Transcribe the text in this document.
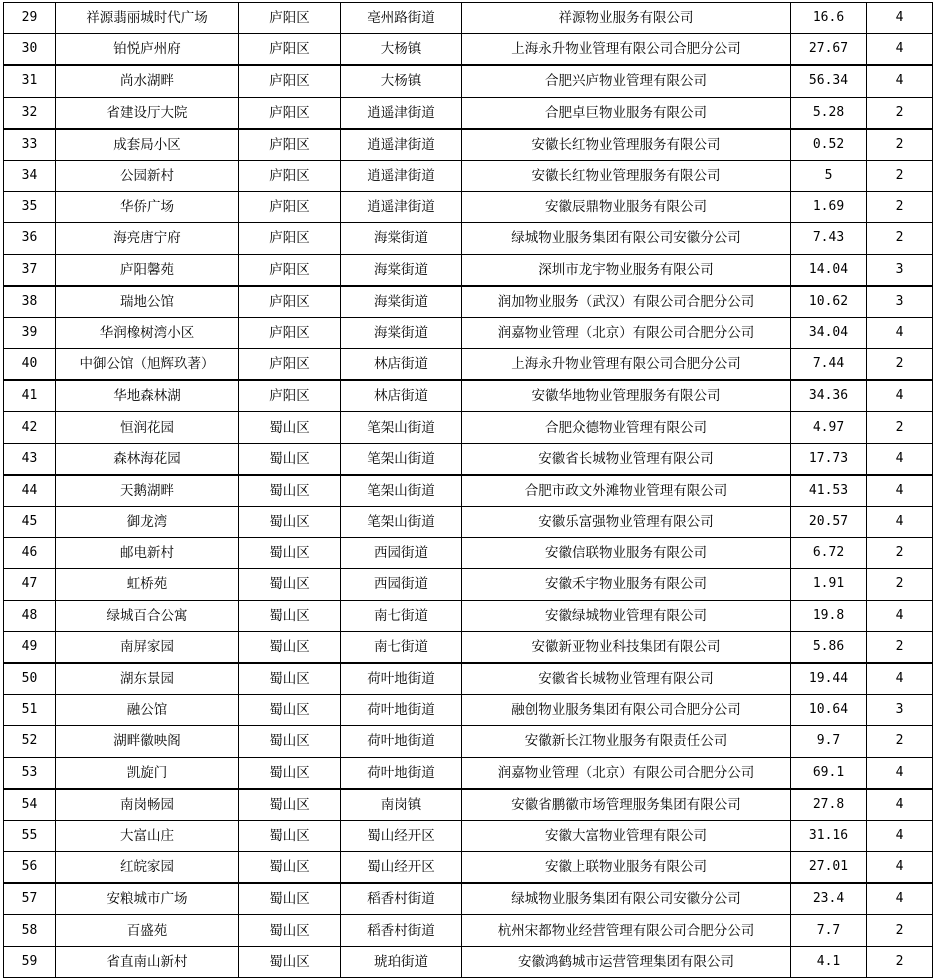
29	祥源翡丽城时代广场	庐阳区	亳州路街道	祥源物业服务有限公司	16.6	4
30	铂悦庐州府	庐阳区	大杨镇	上海永升物业管理有限公司合肥分公司	27.67	4
31	尚水湖畔	庐阳区	大杨镇	合肥兴庐物业管理有限公司	56.34	4
32	省建设厅大院	庐阳区	逍遥津街道	合肥卓巨物业服务有限公司	5.28	2
33	成套局小区	庐阳区	逍遥津街道	安徽长红物业管理服务有限公司	0.52	2
34	公园新村	庐阳区	逍遥津街道	安徽长红物业管理服务有限公司	5	2
35	华侨广场	庐阳区	逍遥津街道	安徽辰鼎物业服务有限公司	1.69	2
36	海亮唐宁府	庐阳区	海棠街道	绿城物业服务集团有限公司安徽分公司	7.43	2
37	庐阳馨苑	庐阳区	海棠街道	深圳市龙宇物业服务有限公司	14.04	3
38	瑞地公馆	庐阳区	海棠街道	润加物业服务（武汉）有限公司合肥分公司	10.62	3
39	华润橡树湾小区	庐阳区	海棠街道	润嘉物业管理（北京）有限公司合肥分公司	34.04	4
40	中御公馆（旭辉玖著）	庐阳区	林店街道	上海永升物业管理有限公司合肥分公司	7.44	2
41	华地森林湖	庐阳区	林店街道	安徽华地物业管理服务有限公司	34.36	4
42	恒润花园	蜀山区	笔架山街道	合肥众德物业管理有限公司	4.97	2
43	森林海花园	蜀山区	笔架山街道	安徽省长城物业管理有限公司	17.73	4
44	天鹅湖畔	蜀山区	笔架山街道	合肥市政文外滩物业管理有限公司	41.53	4
45	御龙湾	蜀山区	笔架山街道	安徽乐富强物业管理有限公司	20.57	4
46	邮电新村	蜀山区	西园街道	安徽信联物业服务有限公司	6.72	2
47	虹桥苑	蜀山区	西园街道	安徽禾宇物业服务有限公司	1.91	2
48	绿城百合公寓	蜀山区	南七街道	安徽绿城物业管理有限公司	19.8	4
49	南屏家园	蜀山区	南七街道	安徽新亚物业科技集团有限公司	5.86	2
50	湖东景园	蜀山区	荷叶地街道	安徽省长城物业管理有限公司	19.44	4
51	融公馆	蜀山区	荷叶地街道	融创物业服务集团有限公司合肥分公司	10.64	3
52	湖畔徽映阁	蜀山区	荷叶地街道	安徽新长江物业服务有限责任公司	9.7	2
53	凯旋门	蜀山区	荷叶地街道	润嘉物业管理（北京）有限公司合肥分公司	69.1	4
54	南岗畅园	蜀山区	南岗镇	安徽省鹏徽市场管理服务集团有限公司	27.8	4
55	大富山庄	蜀山区	蜀山经开区	安徽大富物业管理有限公司	31.16	4
56	红皖家园	蜀山区	蜀山经开区	安徽上联物业服务有限公司	27.01	4
57	安粮城市广场	蜀山区	稻香村街道	绿城物业服务集团有限公司安徽分公司	23.4	4
58	百盛苑	蜀山区	稻香村街道	杭州宋都物业经营管理有限公司合肥分公司	7.7	2
59	省直南山新村	蜀山区	琥珀街道	安徽鸿鹤城市运营管理集团有限公司	4.1	2
